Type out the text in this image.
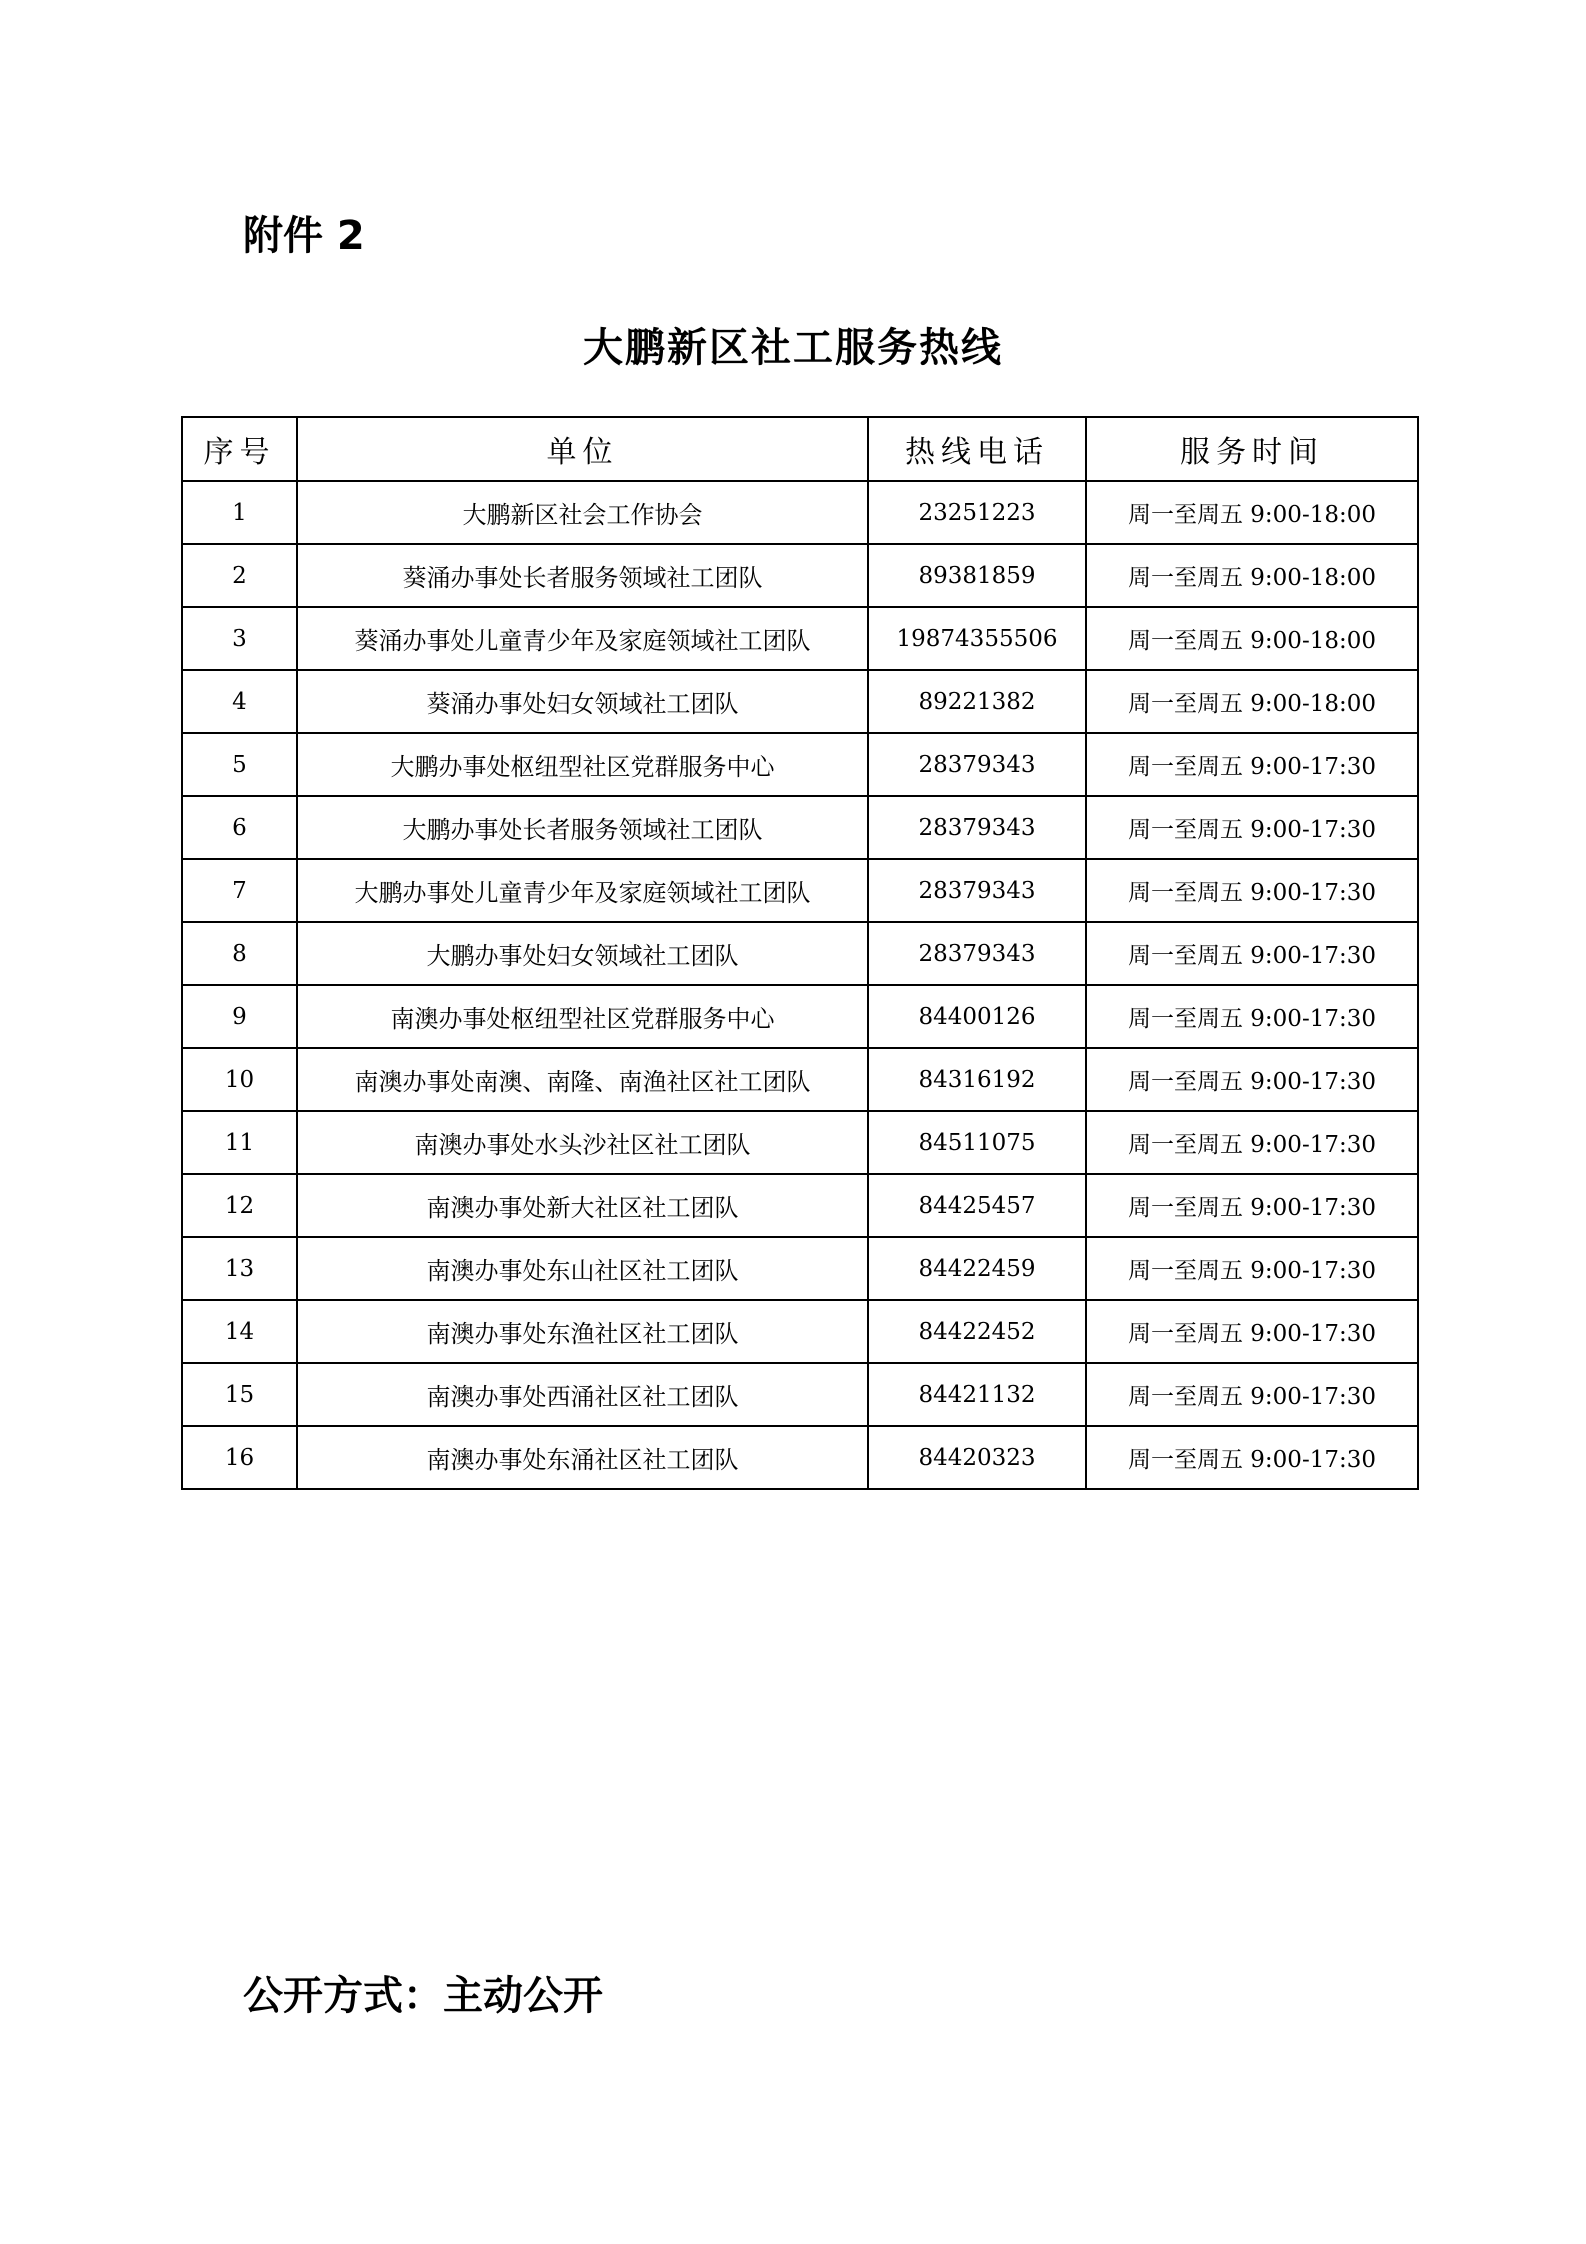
附件 2
大鹏新区社工服务热线
序号	单位	热线电话	服务时间
1	大鹏新区社会工作协会	23251223	周一至周五 9:00-18:00
2	葵涌办事处长者服务领域社工团队	89381859	周一至周五 9:00-18:00
3	葵涌办事处儿童青少年及家庭领域社工团队	19874355506	周一至周五 9:00-18:00
4	葵涌办事处妇女领域社工团队	89221382	周一至周五 9:00-18:00
5	大鹏办事处枢纽型社区党群服务中心	28379343	周一至周五 9:00-17:30
6	大鹏办事处长者服务领域社工团队	28379343	周一至周五 9:00-17:30
7	大鹏办事处儿童青少年及家庭领域社工团队	28379343	周一至周五 9:00-17:30
8	大鹏办事处妇女领域社工团队	28379343	周一至周五 9:00-17:30
9	南澳办事处枢纽型社区党群服务中心	84400126	周一至周五 9:00-17:30
10	南澳办事处南澳、南隆、南渔社区社工团队	84316192	周一至周五 9:00-17:30
11	南澳办事处水头沙社区社工团队	84511075	周一至周五 9:00-17:30
12	南澳办事处新大社区社工团队	84425457	周一至周五 9:00-17:30
13	南澳办事处东山社区社工团队	84422459	周一至周五 9:00-17:30
14	南澳办事处东渔社区社工团队	84422452	周一至周五 9:00-17:30
15	南澳办事处西涌社区社工团队	84421132	周一至周五 9:00-17:30
16	南澳办事处东涌社区社工团队	84420323	周一至周五 9:00-17:30
公开方式：主动公开
